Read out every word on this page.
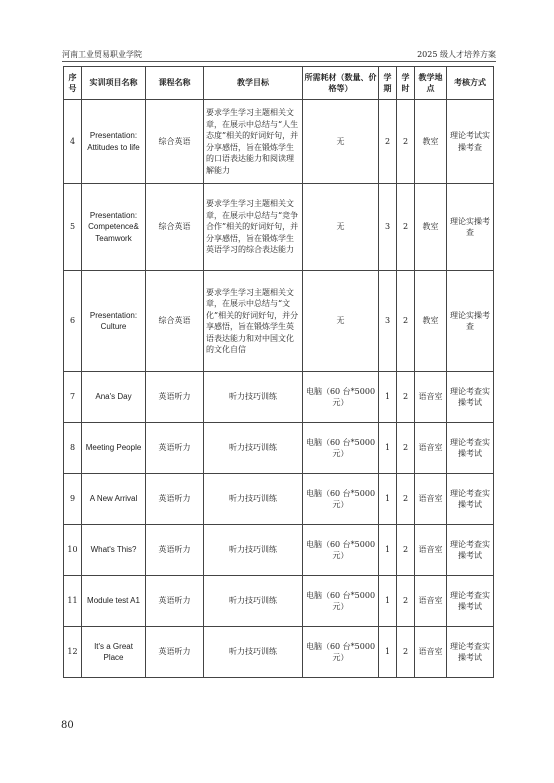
河南工业贸易职业学院	2025 级人才培养方案
序号	实训项目名称	课程名称	教学目标	所需耗材（数量、价格等）	学期	学时	教学地点	考核方式
4	Presentation: Attitudes to life	综合英语	要求学生学习主题相关文章，在展示中总结与“人生态度”相关的好词好句，并分享感悟，旨在锻炼学生的口语表达能力和阅读理解能力	无	2	2	教室	理论考试实操考查
5	Presentation: Competence& Teamwork	综合英语	要求学生学习主题相关文章，在展示中总结与“竞争合作”相关的好词好句，并分享感悟，旨在锻炼学生英语学习的综合表达能力	无	3	2	教室	理论实操考查
6	Presentation: Culture	综合英语	要求学生学习主题相关文章，在展示中总结与“文化”相关的好词好句，并分享感悟，旨在锻炼学生英语表达能力和对中国文化的文化自信	无	3	2	教室	理论实操考查
7	Ana's Day	英语听力	听力技巧训练	电脑（60 台*5000 元）	1	2	语音室	理论考查实操考试
8	Meeting People	英语听力	听力技巧训练	电脑（60 台*5000 元）	1	2	语音室	理论考查实操考试
9	A New Arrival	英语听力	听力技巧训练	电脑（60 台*5000 元）	1	2	语音室	理论考查实操考试
10	What's This?	英语听力	听力技巧训练	电脑（60 台*5000 元）	1	2	语音室	理论考查实操考试
11	Module test A1	英语听力	听力技巧训练	电脑（60 台*5000 元）	1	2	语音室	理论考查实操考试
12	It's a Great Place	英语听力	听力技巧训练	电脑（60 台*5000 元）	1	2	语音室	理论考查实操考试
80
